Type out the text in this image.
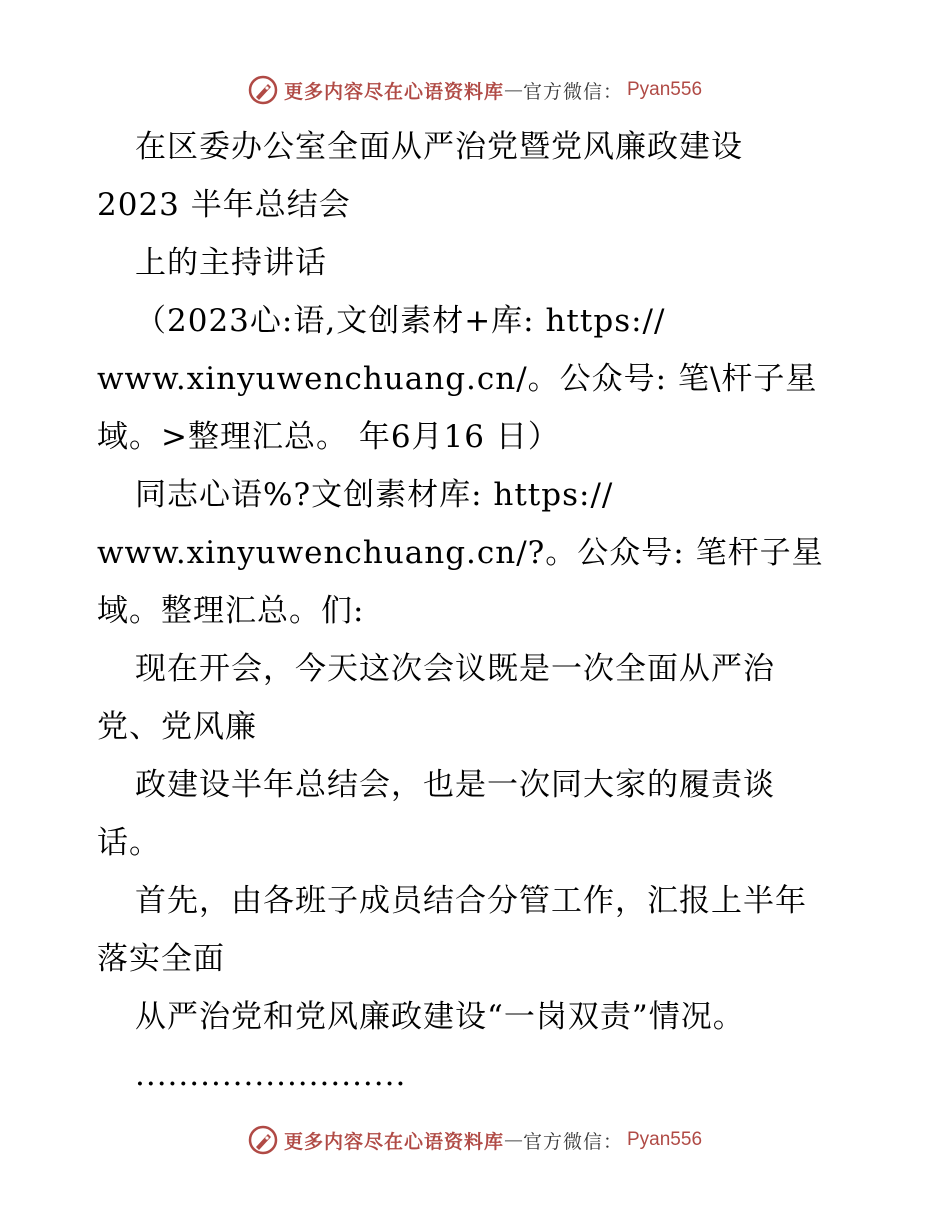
更多内容尽在心语资料库 — 官方微信： Pyan556
在区委办公室全面从严治党暨党风廉政建设
2023 半年总结会
上的主持讲话
（2023心:语,文创素材+库: https://
www.xinyuwenchuang.cn/。公众号: 笔\杆子星
域。>整理汇总。 年6月16 日）
同志心语%?文创素材库: https://
www.xinyuwenchuang.cn/?。公众号: 笔杆子星
域。整理汇总。们:
现在开会，今天这次会议既是一次全面从严治
党、党风廉
政建设半年总结会，也是一次同大家的履责谈
话。
首先，由各班子成员结合分管工作，汇报上半年
落实全面
从严治党和党风廉政建设“一岗双责”情况。
.........................
更多内容尽在心语资料库 — 官方微信： Pyan556
